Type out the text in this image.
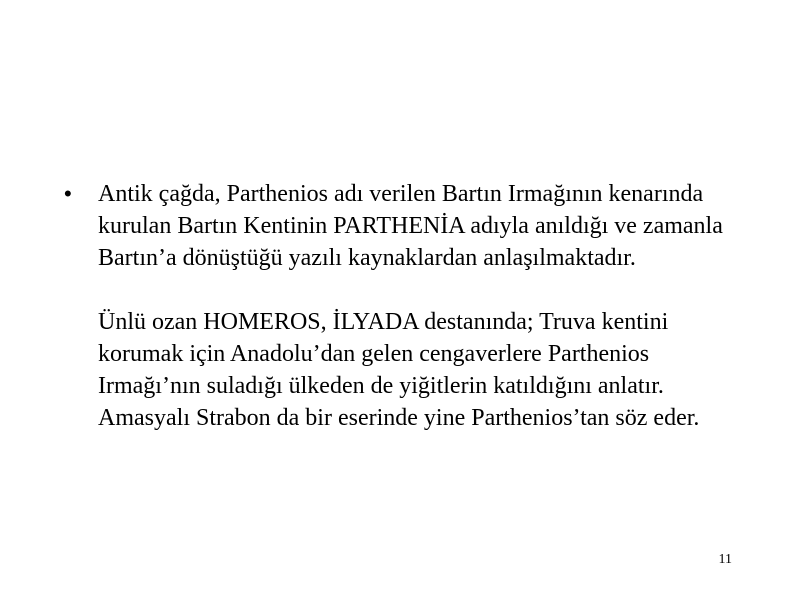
• Antik çağda, Parthenios adı verilen Bartın Irmağının kenarında kurulan Bartın Kentinin PARTHENİA adıyla anıldığı ve zamanla Bartın’a dönüştüğü yazılı kaynaklardan anlaşılmaktadır.
Ünlü ozan HOMEROS, İLYADA destanında; Truva kentini korumak için Anadolu’dan gelen cengaverlere Parthenios Irmağı’nın suladığı ülkeden de yiğitlerin katıldığını anlatır. Amasyalı Strabon da bir eserinde yine Parthenios’tan söz eder.
11
